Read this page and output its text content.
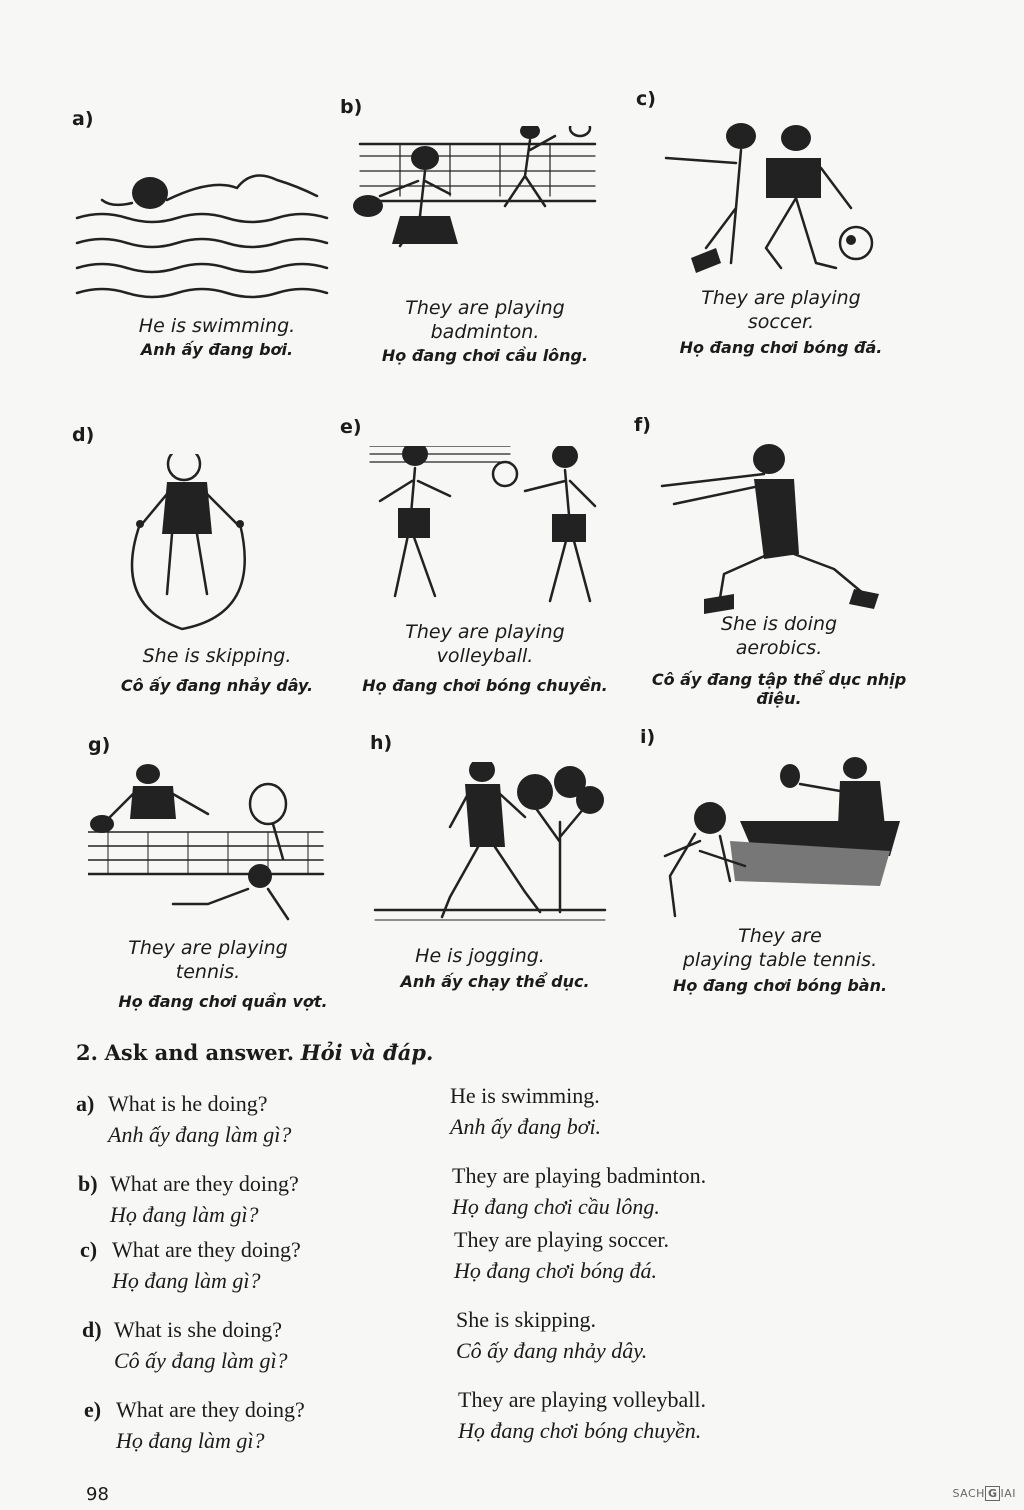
a)
He is swimming.
Anh ấy đang bơi.
b)
They are playing
badminton.
Họ đang chơi cầu lông.
c)
They are playing
soccer.
Họ đang chơi bóng đá.
d)
She is skipping.
Cô ấy đang nhảy dây.
e)
They are playing
volleyball.
Họ đang chơi bóng chuyền.
f)
She is doing
aerobics.
Cô ấy đang tập thể dục nhịp điệu.
g)
They are playing
tennis.
Họ đang chơi quần vợt.
h)
He is jogging.
Anh ấy chạy thể dục.
i)
They are
playing table tennis.
Họ đang chơi bóng bàn.
2. Ask and answer. Hỏi và đáp.
a) What is he doing?
Anh ấy đang làm gì?
He is swimming.
Anh ấy đang bơi.
b) What are they doing?
Họ đang làm gì?
They are playing badminton.
Họ đang chơi cầu lông.
c) What are they doing?
Họ đang làm gì?
They are playing soccer.
Họ đang chơi bóng đá.
d) What is she doing?
Cô ấy đang làm gì?
She is skipping.
Cô ấy đang nhảy dây.
e) What are they doing?
Họ đang làm gì?
They are playing volleyball.
Họ đang chơi bóng chuyền.
98	SACH G IAI
